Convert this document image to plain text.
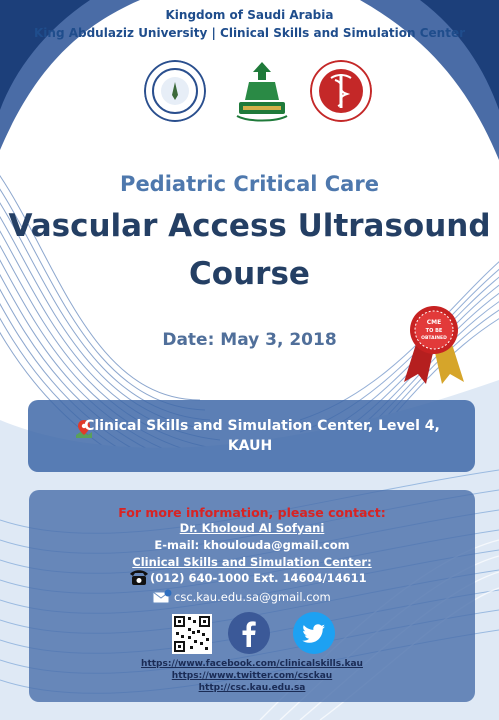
Kingdom of Saudi Arabia
King Abdulaziz University | Clinical Skills and Simulation Center
Pediatric Critical Care
Vascular Access Ultrasound
Course
Date: May 3, 2018
CME
TO BE
OBTAINED
Clinical Skills and Simulation Center, Level 4, KAUH
For more information, please contact:
Dr. Kholoud Al Sofyani
E-mail: khoulouda@gmail.com
Clinical Skills and Simulation Center:
(012) 640-1000 Ext. 14604/14611
csc.kau.edu.sa@gmail.com
https://www.facebook.com/clinicalskills.kau
https://www.twitter.com/csckau
http://csc.kau.edu.sa
